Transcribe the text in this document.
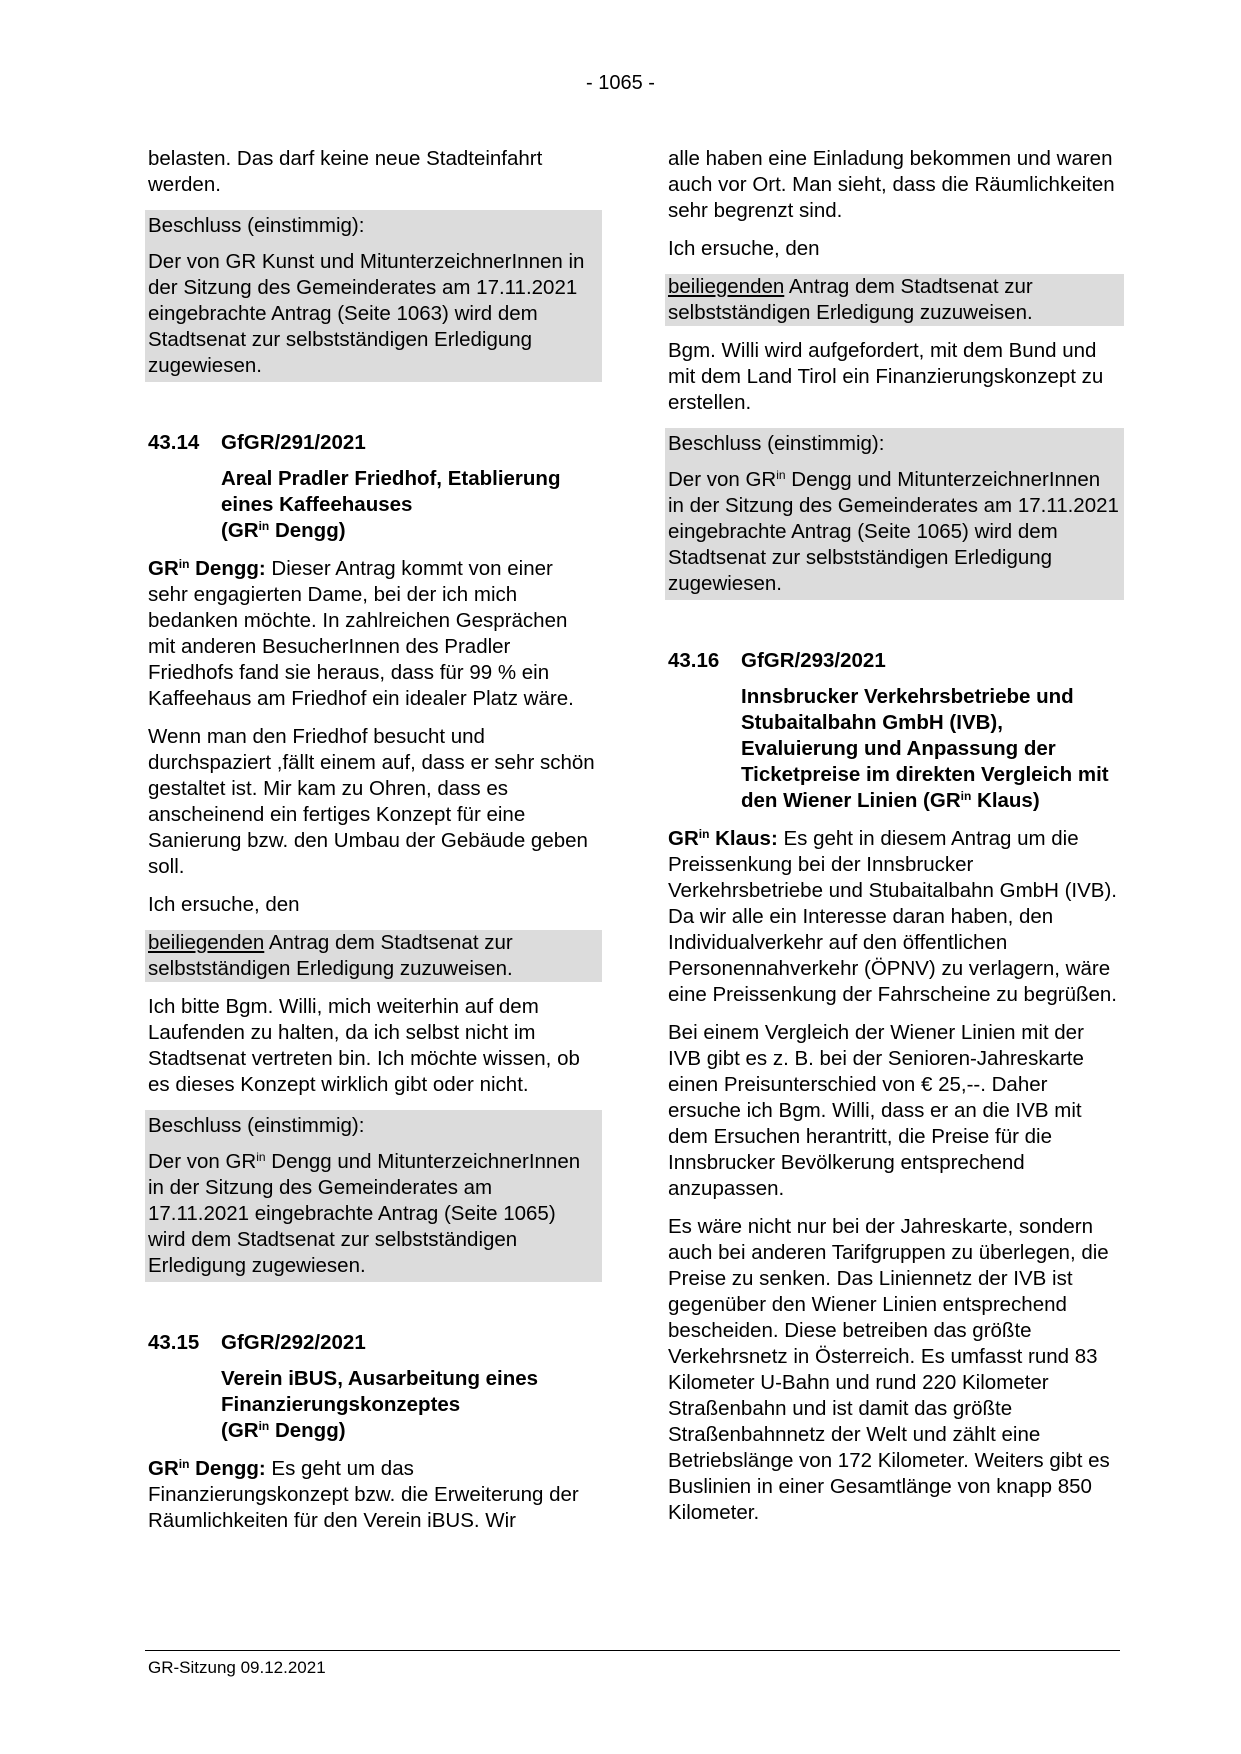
- 1065 -

belasten. Das darf keine neue Stadteinfahrt werden.

Beschluss (einstimmig):

Der von GR Kunst und MitunterzeichnerInnen in der Sitzung des Gemeinderates am 17.11.2021 eingebrachte Antrag (Seite 1063) wird dem Stadtsenat zur selbstständigen Erledigung zugewiesen.

43.14	GfGR/291/2021
Areal Pradler Friedhof, Etablierung eines Kaffeehauses
($GR^{in}$ Dengg)

$GR^{in}$ Dengg: Dieser Antrag kommt von einer sehr engagierten Dame, bei der ich mich bedanken möchte. In zahlreichen Gesprächen mit anderen BesucherInnen des Pradler Friedhofs fand sie heraus, dass für 99 % ein Kaffeehaus am Friedhof ein idealer Platz wäre.

Wenn man den Friedhof besucht und durchspaziert ,fällt einem auf, dass er sehr schön gestaltet ist. Mir kam zu Ohren, dass es anscheinend ein fertiges Konzept für eine Sanierung bzw. den Umbau der Gebäude geben soll.

Ich ersuche, den

beiliegenden Antrag dem Stadtsenat zur selbstständigen Erledigung zuzuweisen.

Ich bitte Bgm. Willi, mich weiterhin auf dem Laufenden zu halten, da ich selbst nicht im Stadtsenat vertreten bin. Ich möchte wissen, ob es dieses Konzept wirklich gibt oder nicht.

Beschluss (einstimmig):

Der von $GR^{in}$ Dengg und MitunterzeichnerInnen in der Sitzung des Gemeinderates am 17.11.2021 eingebrachte Antrag (Seite 1065) wird dem Stadtsenat zur selbstständigen Erledigung zugewiesen.

43.15	GfGR/292/2021
Verein iBUS, Ausarbeitung eines Finanzierungskonzeptes
($GR^{in}$ Dengg)

$GR^{in}$ Dengg: Es geht um das Finanzierungskonzept bzw. die Erweiterung der Räumlichkeiten für den Verein iBUS. Wir

alle haben eine Einladung bekommen und waren auch vor Ort. Man sieht, dass die Räumlichkeiten sehr begrenzt sind.

Ich ersuche, den

beiliegenden Antrag dem Stadtsenat zur selbstständigen Erledigung zuzuweisen.

Bgm. Willi wird aufgefordert, mit dem Bund und mit dem Land Tirol ein Finanzierungskonzept zu erstellen.

Beschluss (einstimmig):

Der von $GR^{in}$ Dengg und MitunterzeichnerInnen in der Sitzung des Gemeinderates am 17.11.2021 eingebrachte Antrag (Seite 1065) wird dem Stadtsenat zur selbstständigen Erledigung zugewiesen.

43.16	GfGR/293/2021
Innsbrucker Verkehrsbetriebe und Stubaitalbahn GmbH (IVB), Evaluierung und Anpassung der Ticketpreise im direkten Vergleich mit den Wiener Linien ($GR^{in}$ Klaus)

$GR^{in}$ Klaus: Es geht in diesem Antrag um die Preissenkung bei der Innsbrucker Verkehrsbetriebe und Stubaitalbahn GmbH (IVB). Da wir alle ein Interesse daran haben, den Individualverkehr auf den öffentlichen Personennahverkehr (ÖPNV) zu verlagern, wäre eine Preissenkung der Fahrscheine zu begrüßen.

Bei einem Vergleich der Wiener Linien mit der IVB gibt es z. B. bei der Senioren-Jahreskarte einen Preisunterschied von € 25,--. Daher ersuche ich Bgm. Willi, dass er an die IVB mit dem Ersuchen herantritt, die Preise für die Innsbrucker Bevölkerung entsprechend anzupassen.

Es wäre nicht nur bei der Jahreskarte, sondern auch bei anderen Tarifgruppen zu überlegen, die Preise zu senken. Das Liniennetz der IVB ist gegenüber den Wiener Linien entsprechend bescheiden. Diese betreiben das größte Verkehrsnetz in Österreich. Es umfasst rund 83 Kilometer U-Bahn und rund 220 Kilometer Straßenbahn und ist damit das größte Straßenbahnnetz der Welt und zählt eine Betriebslänge von 172 Kilometer. Weiters gibt es Buslinien in einer Gesamtlänge von knapp 850 Kilometer.

GR-Sitzung 09.12.2021
